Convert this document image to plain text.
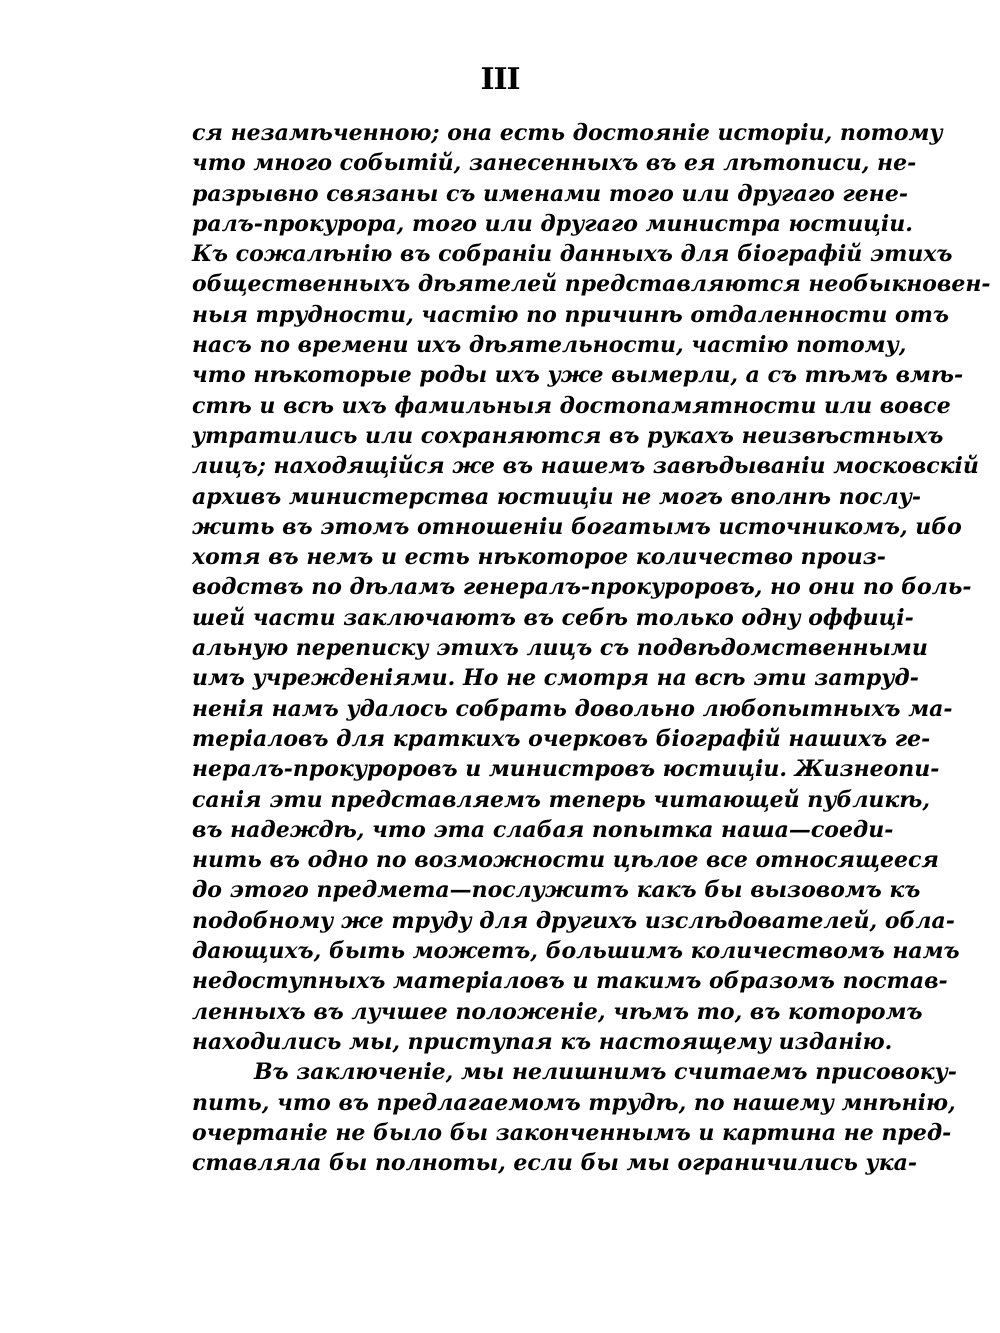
III
ся незамѣченною; она есть достояніе исторіи, потому
что много событій, занесенныхъ въ ея лѣтописи, не-
разрывно связаны съ именами того или другаго гене-
ралъ-прокурора, того или другаго министра юстиціи.
Къ сожалѣнію въ собраніи данныхъ для біографій этихъ
общественныхъ дѣятелей представляются необыкновен-
ныя трудности, частію по причинѣ отдаленности отъ
насъ по времени ихъ дѣятельности, частію потому,
что нѣкоторые роды ихъ уже вымерли, а съ тѣмъ вмѣ-
стѣ и всѣ ихъ фамильныя достопамятности или вовсе
утратились или сохраняются въ рукахъ неизвѣстныхъ
лицъ; находящійся же въ нашемъ завѣдываніи московскій
архивъ министерства юстиціи не могъ вполнѣ послу-
жить въ этомъ отношеніи богатымъ источникомъ, ибо
хотя въ немъ и есть нѣкоторое количество произ-
водствъ по дѣламъ генералъ-прокуроровъ, но они по боль-
шей части заключаютъ въ себѣ только одну оффиці-
альную переписку этихъ лицъ съ подвѣдомственными
имъ учрежденіями. Но не смотря на всѣ эти затруд-
ненія намъ удалось собрать довольно любопытныхъ ма-
теріаловъ для краткихъ очерковъ біографій нашихъ ге-
нералъ-прокуроровъ и министровъ юстиціи. Жизнеопи-
санія эти представляемъ теперь читающей публикѣ,
въ надеждѣ, что эта слабая попытка наша—соеди-
нить въ одно по возможности цѣлое все относящееся
до этого предмета—послужитъ какъ бы вызовомъ къ
подобному же труду для другихъ изслѣдователей, обла-
дающихъ, быть можетъ, большимъ количествомъ намъ
недоступныхъ матеріаловъ и такимъ образомъ постав-
ленныхъ въ лучшее положеніе, чѣмъ то, въ которомъ
находились мы, приступая къ настоящему изданію.
Въ заключеніе, мы нелишнимъ считаемъ присовоку-
пить, что въ предлагаемомъ трудѣ, по нашему мнѣнію,
очертаніе не было бы законченнымъ и картина не пред-
ставляла бы полноты, если бы мы ограничились ука-
